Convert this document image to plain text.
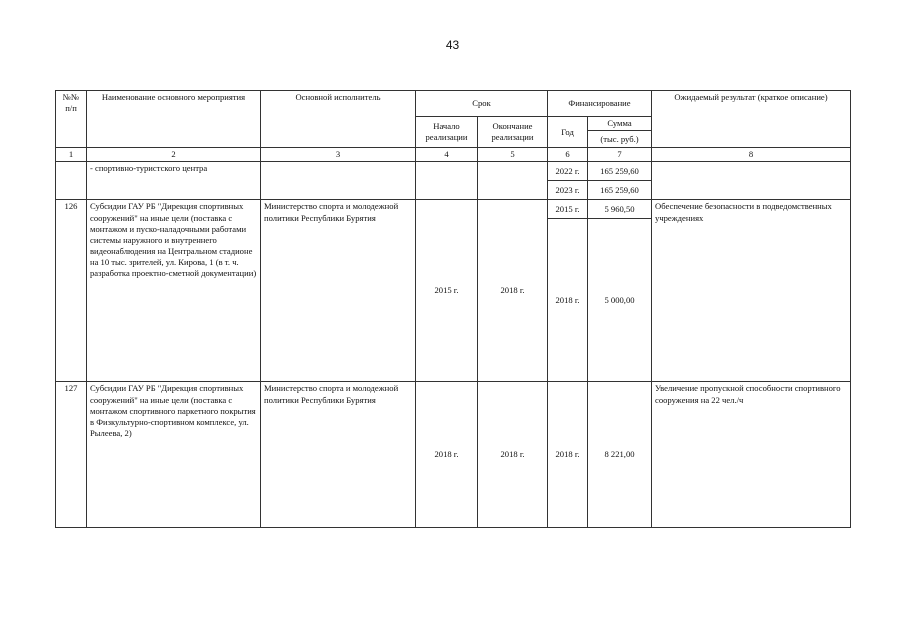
43
№№ п/п	Наименование основного мероприятия	Основной исполнитель	Срок		Финансирование		Ожидаемый результат (краткое описание)
			Начало реализации	Окончание реализации	Год	Сумма	
						(тыс. руб.)	
1	2	3	4	5	6	7	8
	- спортивно-туристского центра				2022 г.	165 259,60	
					2023 г.	165 259,60	
126	Субсидии ГАУ РБ "Дирекция спортивных сооружений" на иные цели (поставка с монтажом и пуско-наладочными работами системы наружного и внутреннего видеонаблюдения на Центральном стадионе на 10 тыс. зрителей, ул. Кирова, 1 (в т. ч. разработка проектно-сметной документации)	Министерство спорта и молодежной политики Республики Бурятия	2015 г.	2018 г.	2015 г.	5 960,50	Обеспечение безопасности в подведомственных учреждениях
					2018 г.	5 000,00	
127	Субсидии ГАУ РБ "Дирекция спортивных сооружений" на иные цели (поставка с монтажом спортивного паркетного покрытия в Физкультурно-спортивном комплексе, ул. Рылеева, 2)	Министерство спорта и молодежной политики Республики Бурятия	2018 г.	2018 г.	2018 г.	8 221,00	Увеличение пропускной способности спортивного сооружения на 22 чел./ч
